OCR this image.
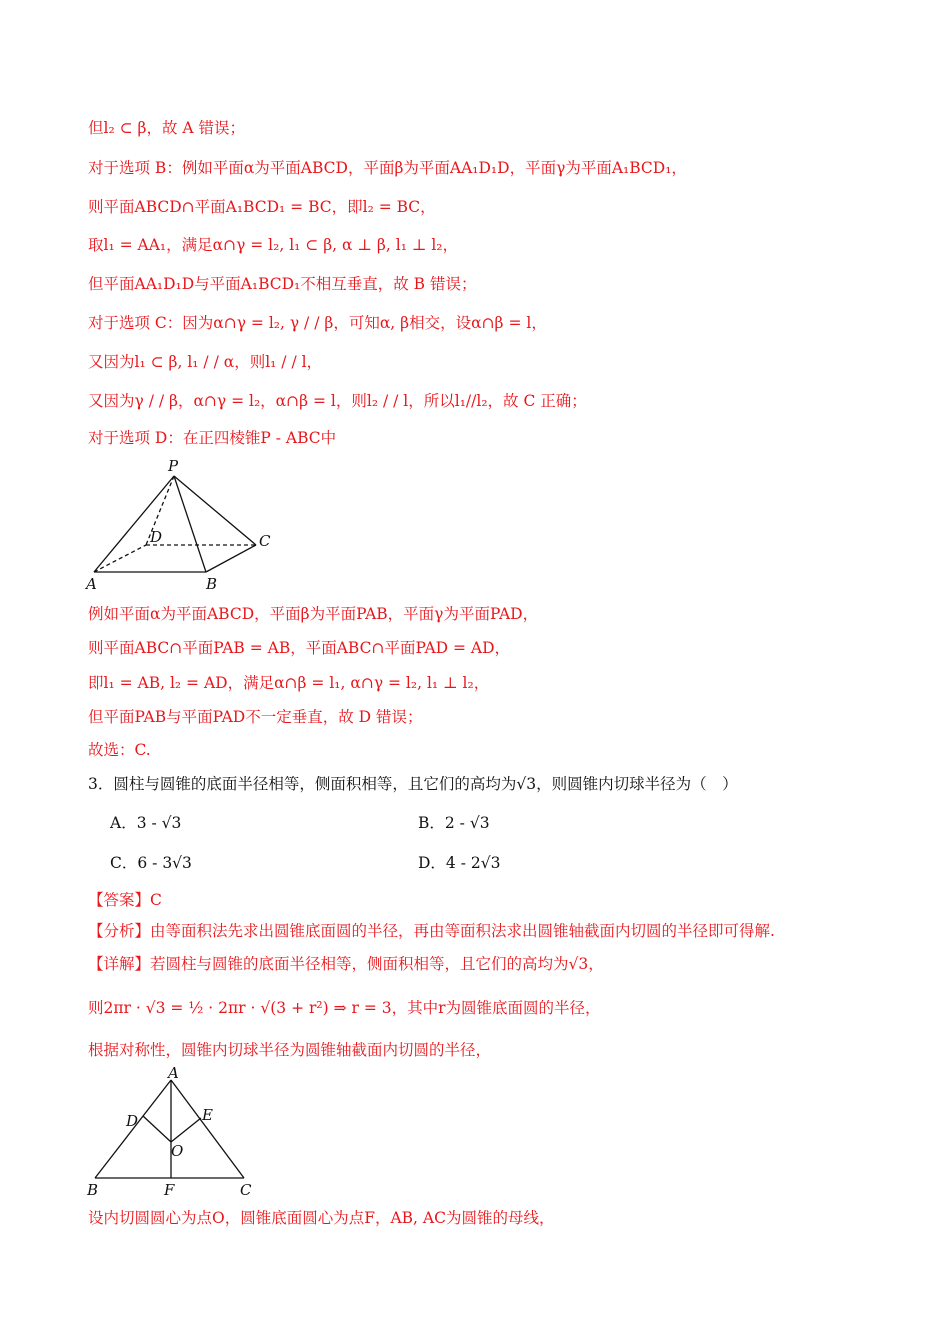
但l₂ ⊂ β，故 A 错误；
对于选项 B：例如平面α为平面ABCD，平面β为平面AA₁D₁D，平面γ为平面A₁BCD₁，
则平面ABCD∩平面A₁BCD₁ = BC，即l₂ = BC，
取l₁ = AA₁，满足α∩γ = l₂, l₁ ⊂ β, α ⊥ β, l₁ ⊥ l₂，
但平面AA₁D₁D与平面A₁BCD₁不相互垂直，故 B 错误；
对于选项 C：因为α∩γ = l₂, γ / / β，可知α, β相交，设α∩β = l，
又因为l₁ ⊂ β, l₁ / / α，则l₁ / / l，
又因为γ / / β，α∩γ = l₂，α∩β = l，则l₂ / / l，所以l₁//l₂，故 C 正确；
对于选项 D：在正四棱锥P - ABC中
P
D	C
A	B
例如平面α为平面ABCD，平面β为平面PAB，平面γ为平面PAD，
则平面ABC∩平面PAB = AB，平面ABC∩平面PAD = AD，
即l₁ = AB, l₂ = AD，满足α∩β = l₁, α∩γ = l₂, l₁ ⊥ l₂，
但平面PAB与平面PAD不一定垂直，故 D 错误；
故选：C.
3．圆柱与圆锥的底面半径相等，侧面积相等，且它们的高均为√3，则圆锥内切球半径为（　）
A．3 - √3	B．2 - √3
C．6 - 3√3	D．4 - 2√3
【答案】C
【分析】由等面积法先求出圆锥底面圆的半径，再由等面积法求出圆锥轴截面内切圆的半径即可得解.
【详解】若圆柱与圆锥的底面半径相等，侧面积相等，且它们的高均为√3，
则2πr · √3 = ½ · 2πr · √(3 + r²) ⇒ r = 3，其中r为圆锥底面圆的半径，
根据对称性，圆锥内切球半径为圆锥轴截面内切圆的半径，
A
D	E
O
B	F	C
设内切圆圆心为点O，圆锥底面圆心为点F，AB, AC为圆锥的母线，
